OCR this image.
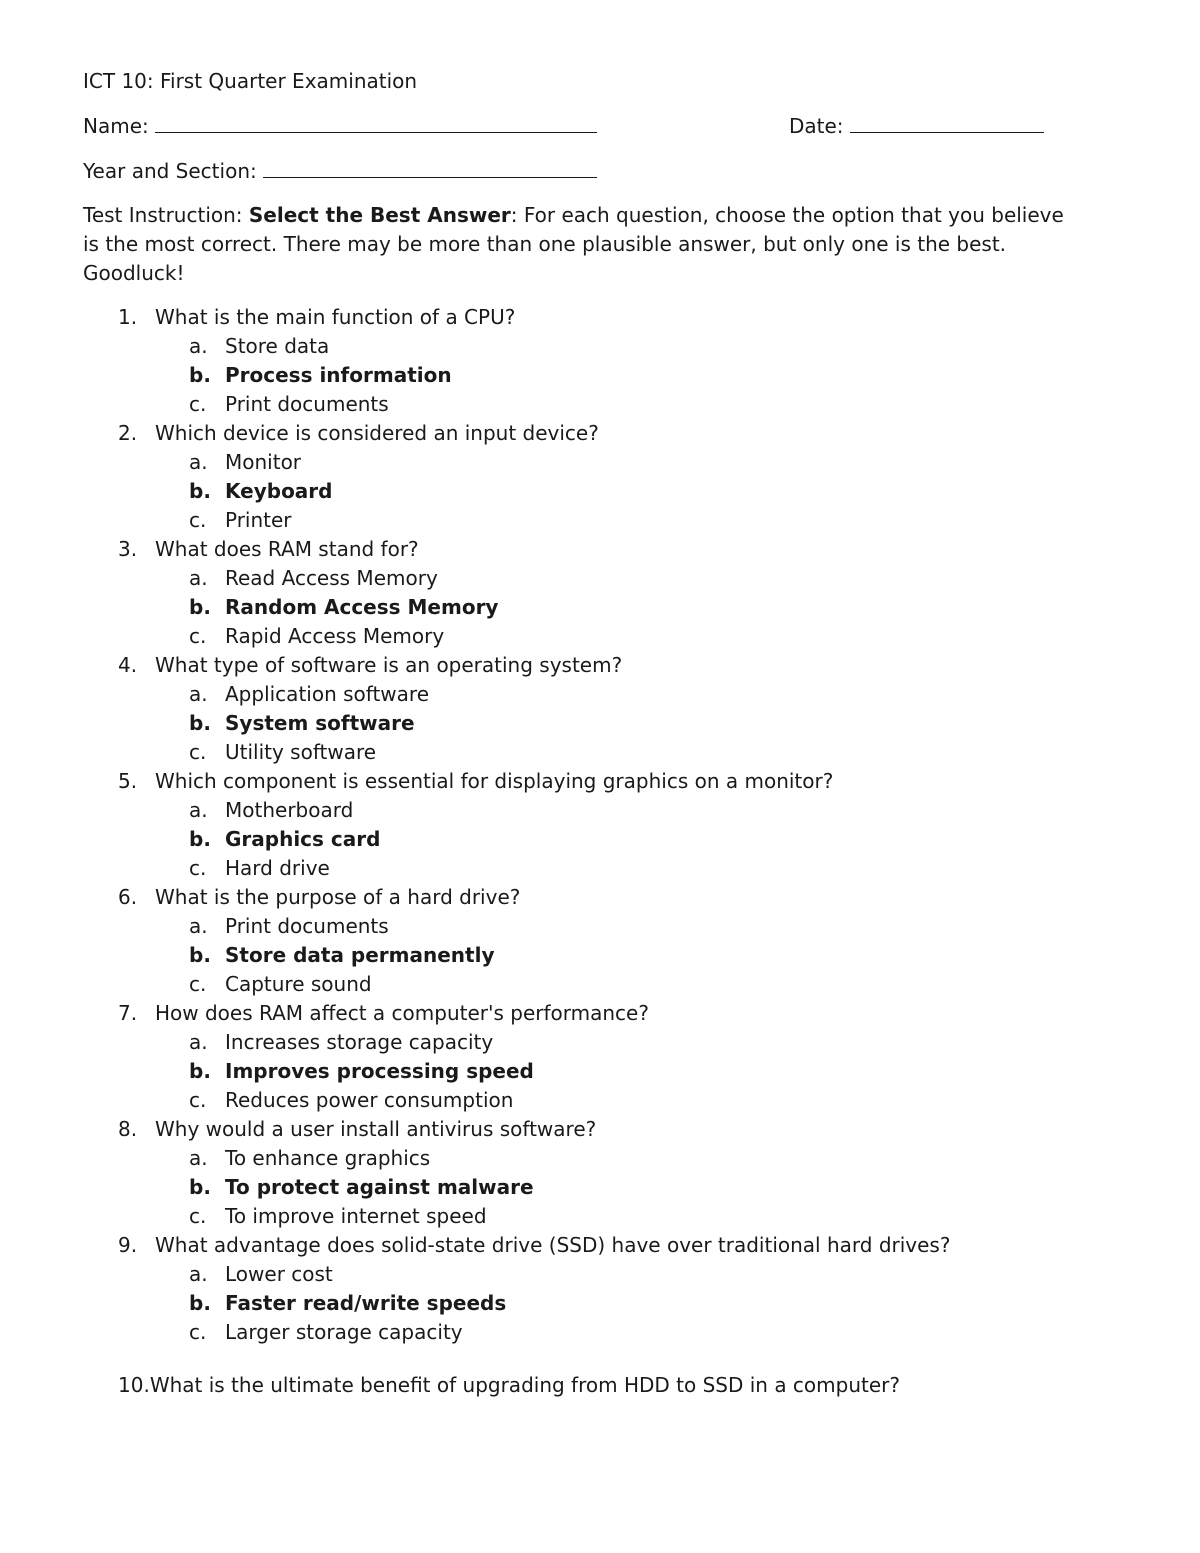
ICT 10: First Quarter Examination
Name:	Date:
Year and Section:
Test Instruction: Select the Best Answer: For each question, choose the option that you believe is the most correct. There may be more than one plausible answer, but only one is the best. Goodluck!
1. What is the main function of a CPU?
a. Store data
b. Process information
c. Print documents
2. Which device is considered an input device?
a. Monitor
b. Keyboard
c. Printer
3. What does RAM stand for?
a. Read Access Memory
b. Random Access Memory
c. Rapid Access Memory
4. What type of software is an operating system?
a. Application software
b. System software
c. Utility software
5. Which component is essential for displaying graphics on a monitor?
a. Motherboard
b. Graphics card
c. Hard drive
6. What is the purpose of a hard drive?
a. Print documents
b. Store data permanently
c. Capture sound
7. How does RAM affect a computer's performance?
a. Increases storage capacity
b. Improves processing speed
c. Reduces power consumption
8. Why would a user install antivirus software?
a. To enhance graphics
b. To protect against malware
c. To improve internet speed
9. What advantage does solid-state drive (SSD) have over traditional hard drives?
a. Lower cost
b. Faster read/write speeds
c. Larger storage capacity
10.What is the ultimate benefit of upgrading from HDD to SSD in a computer?
